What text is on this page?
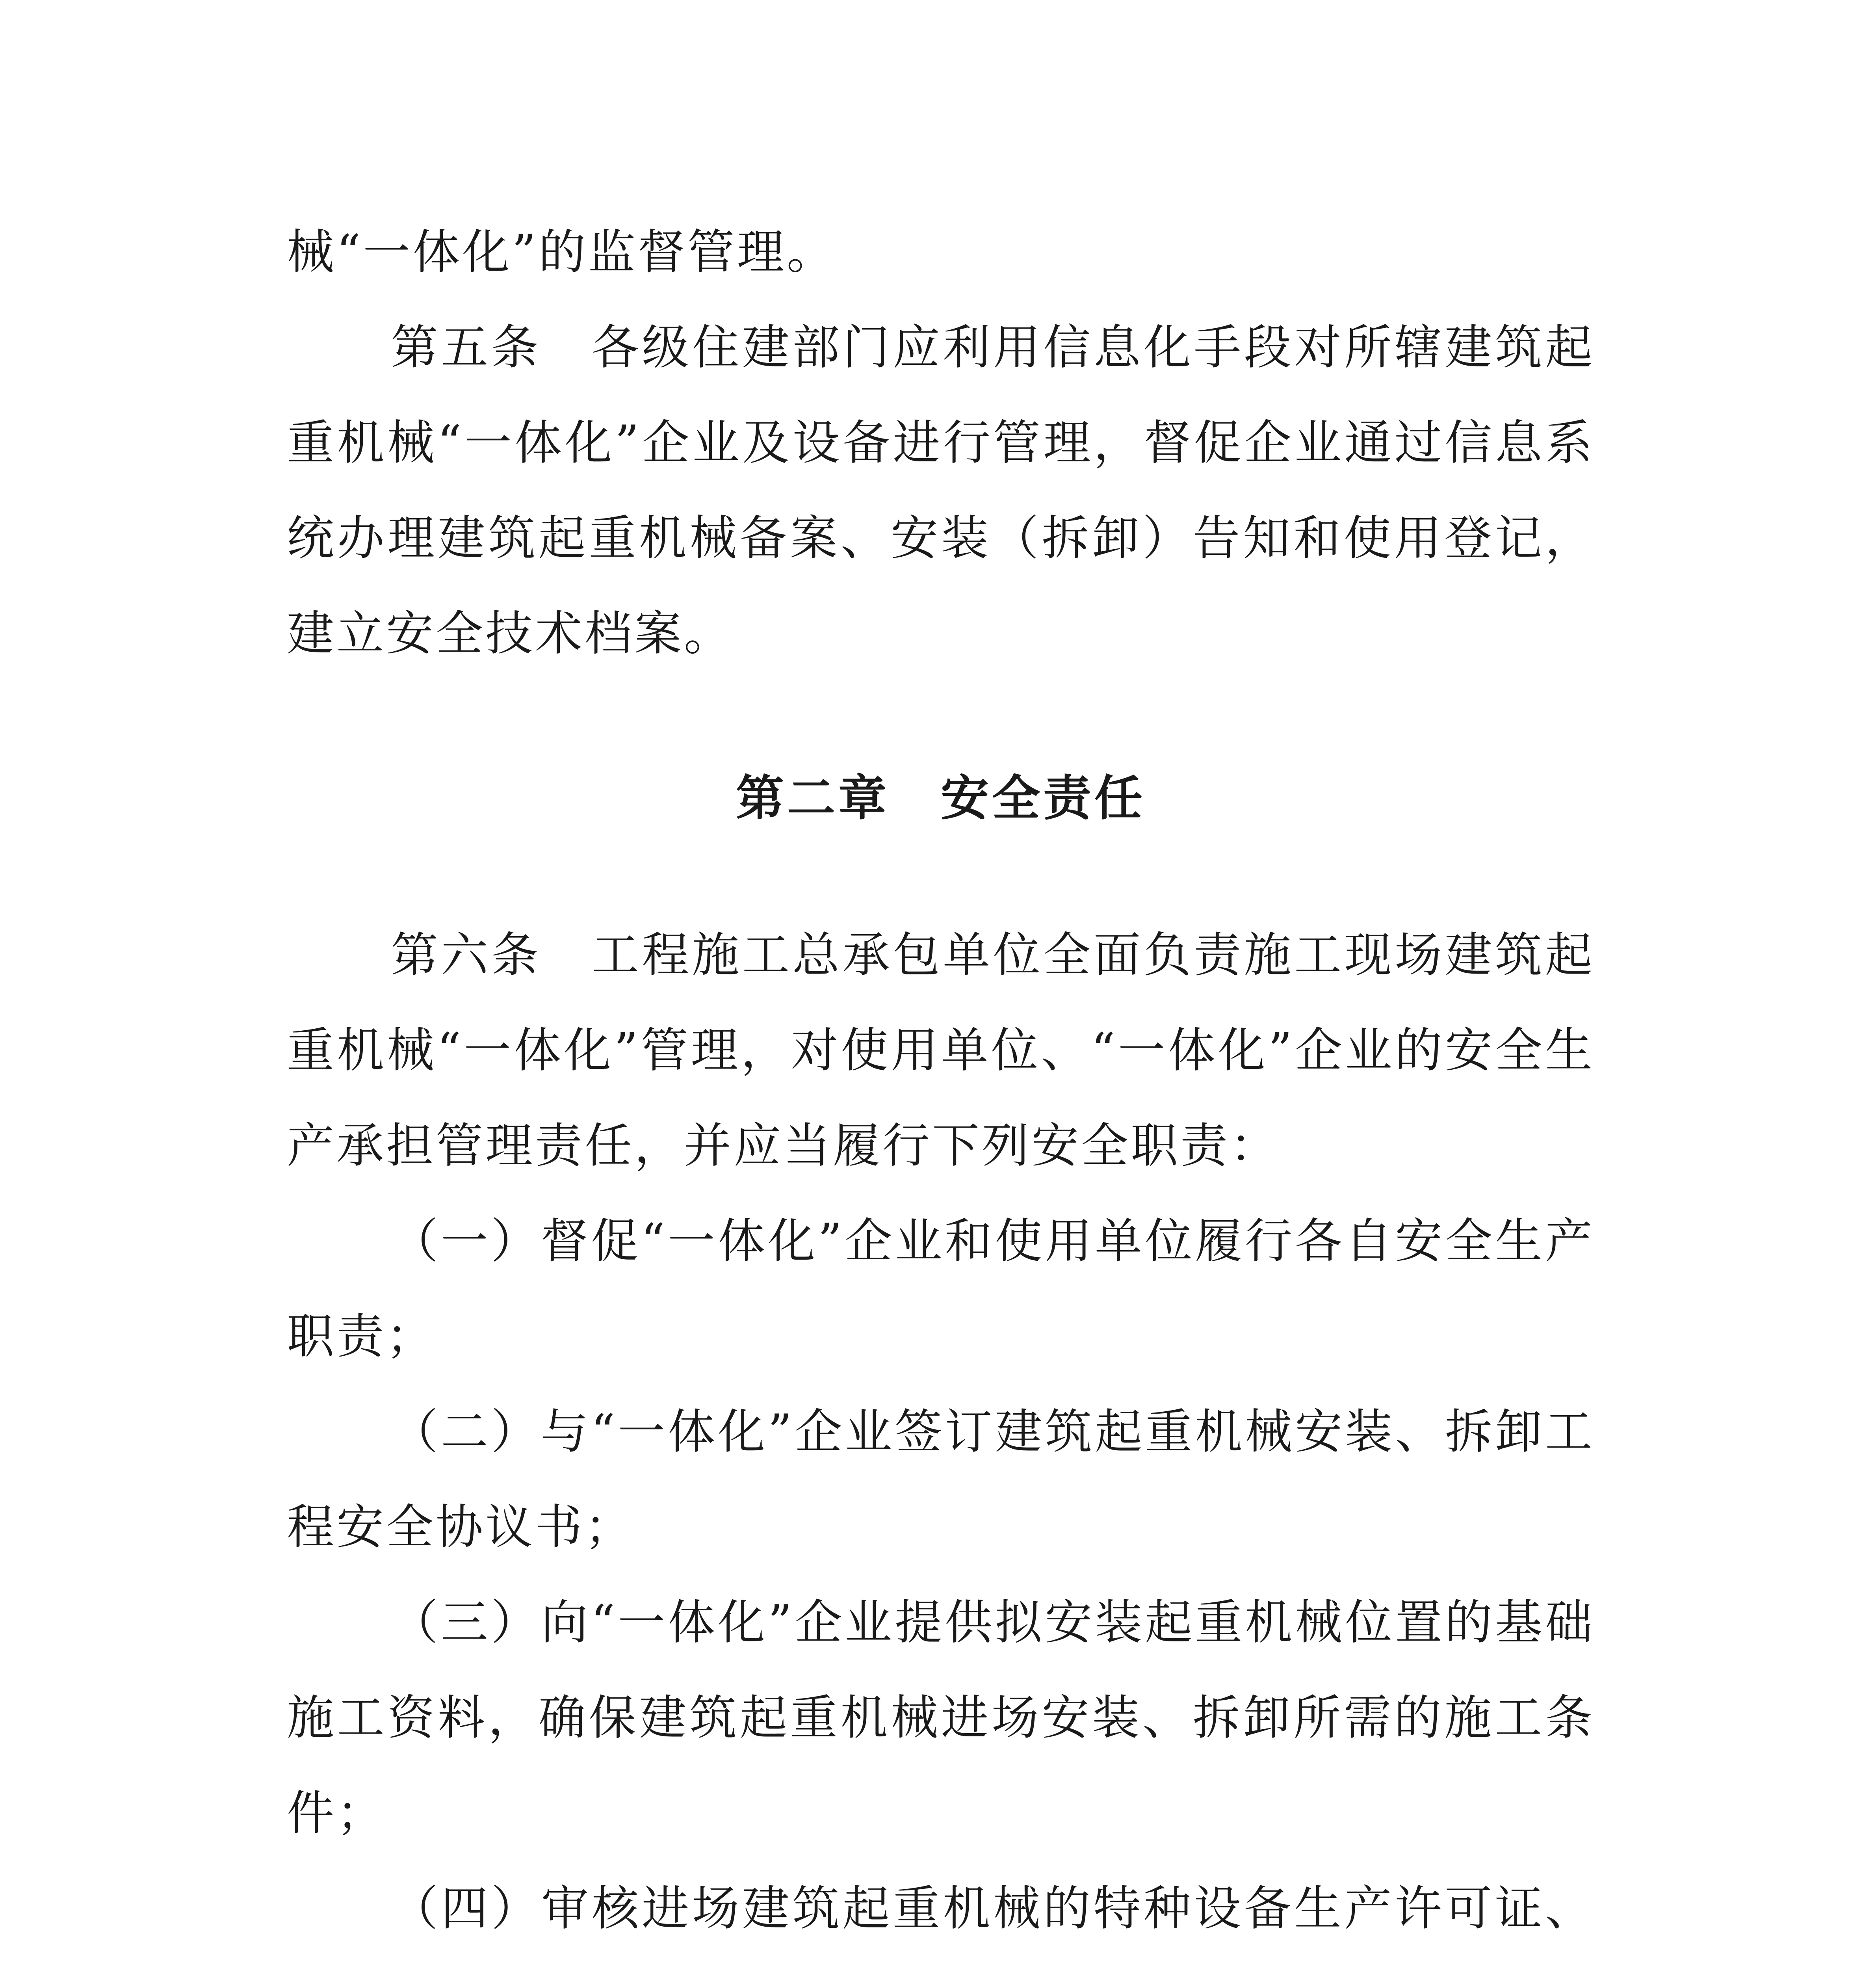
械“一体化”的监督管理。

第五条　各级住建部门应利用信息化手段对所辖建筑起重机械“一体化”企业及设备进行管理，督促企业通过信息系统办理建筑起重机械备案、安装（拆卸）告知和使用登记，建立安全技术档案。

第二章　安全责任

第六条　工程施工总承包单位全面负责施工现场建筑起重机械“一体化”管理，对使用单位、“一体化”企业的安全生产承担管理责任，并应当履行下列安全职责：

（一）督促“一体化”企业和使用单位履行各自安全生产职责；

（二）与“一体化”企业签订建筑起重机械安装、拆卸工程安全协议书；

（三）向“一体化”企业提供拟安装起重机械位置的基础施工资料，确保建筑起重机械进场安装、拆卸所需的施工条件；

（四）审核进场建筑起重机械的特种设备生产许可证、
